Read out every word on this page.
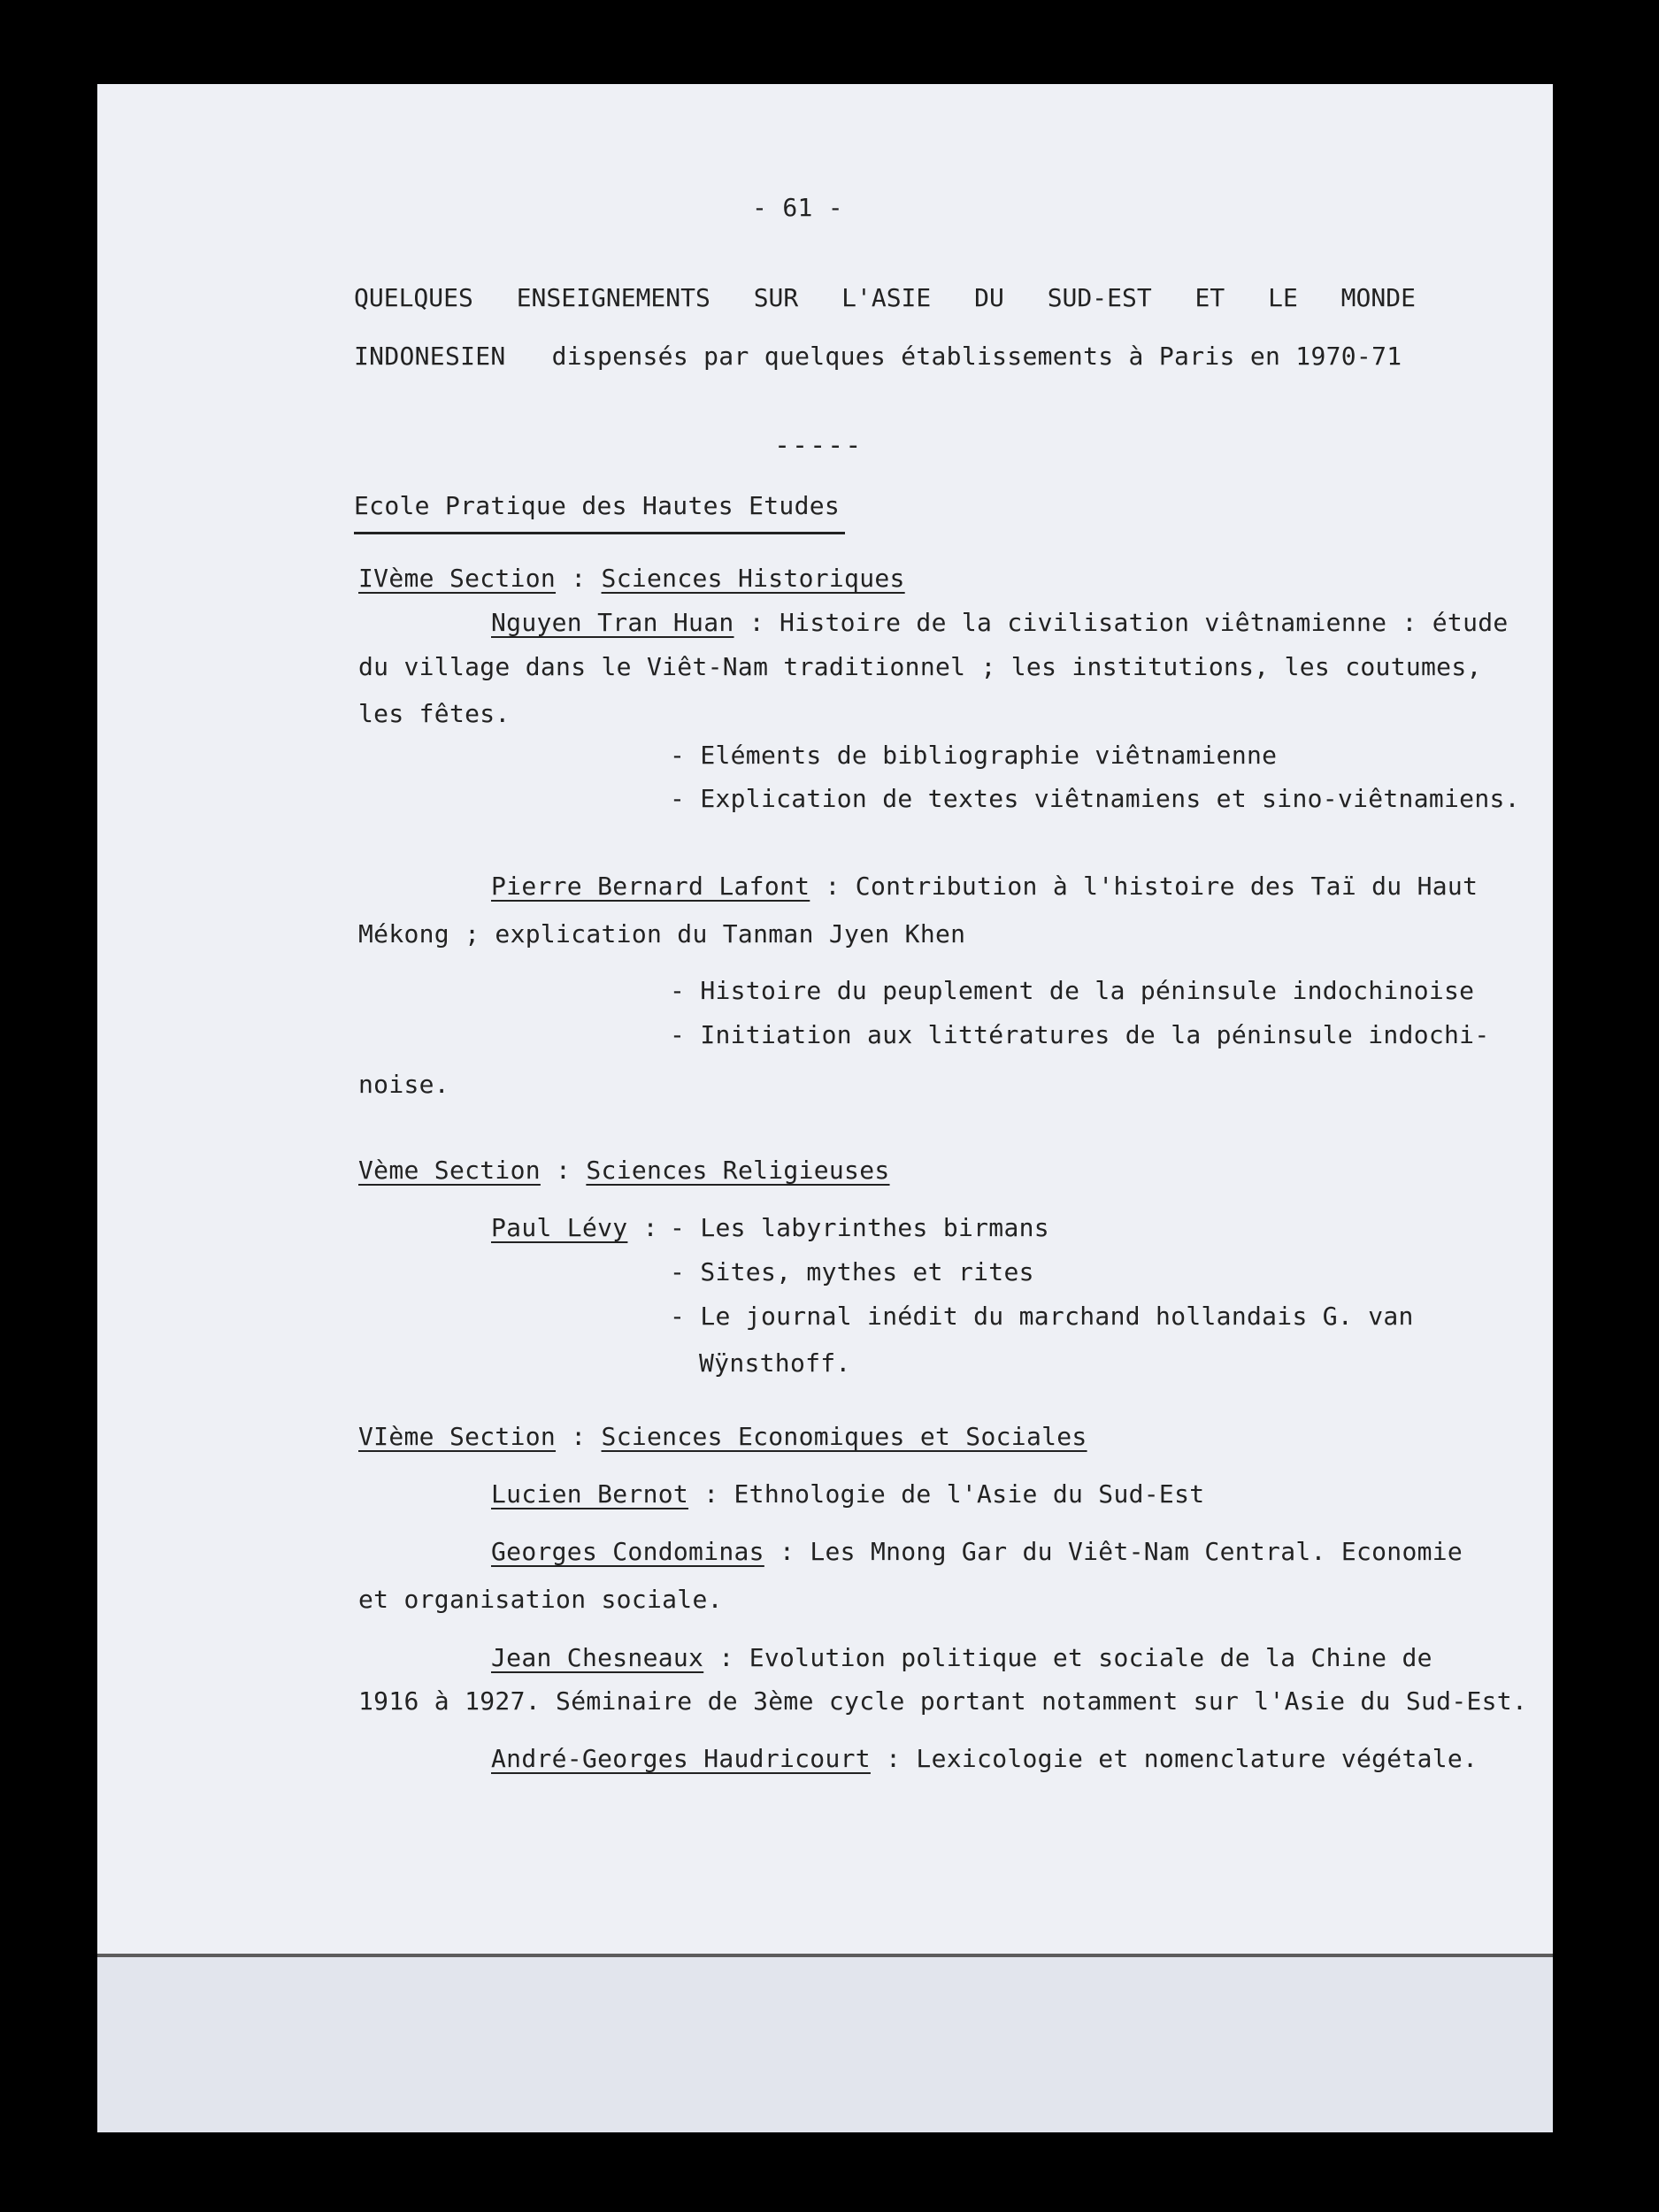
- 61 -
QUELQUES ENSEIGNEMENTS SUR L'ASIE DU SUD-EST ET LE MONDE
INDONESIEN dispensés par quelques établissements à Paris en 1970-71
-----
Ecole Pratique des Hautes Etudes
IVème Section : Sciences Historiques
Nguyen Tran Huan : Histoire de la civilisation viêtnamienne : étude
du village dans le Viêt-Nam traditionnel ; les institutions, les coutumes,
les fêtes.
- Eléments de bibliographie viêtnamienne
- Explication de textes viêtnamiens et sino-viêtnamiens.
Pierre Bernard Lafont : Contribution à l'histoire des Taï du Haut
Mékong ; explication du Tanman Jyen Khen
- Histoire du peuplement de la péninsule indochinoise
- Initiation aux littératures de la péninsule indochi-
noise.
Vème Section : Sciences Religieuses
Paul Lévy : - Les labyrinthes birmans
- Sites, mythes et rites
- Le journal inédit du marchand hollandais G. van
Wÿnsthoff.
VIème Section : Sciences Economiques et Sociales
Lucien Bernot : Ethnologie de l'Asie du Sud-Est
Georges Condominas : Les Mnong Gar du Viêt-Nam Central. Economie
et organisation sociale.
Jean Chesneaux : Evolution politique et sociale de la Chine de
1916 à 1927. Séminaire de 3ème cycle portant notamment sur l'Asie du Sud-Est.
André-Georges Haudricourt : Lexicologie et nomenclature végétale.
